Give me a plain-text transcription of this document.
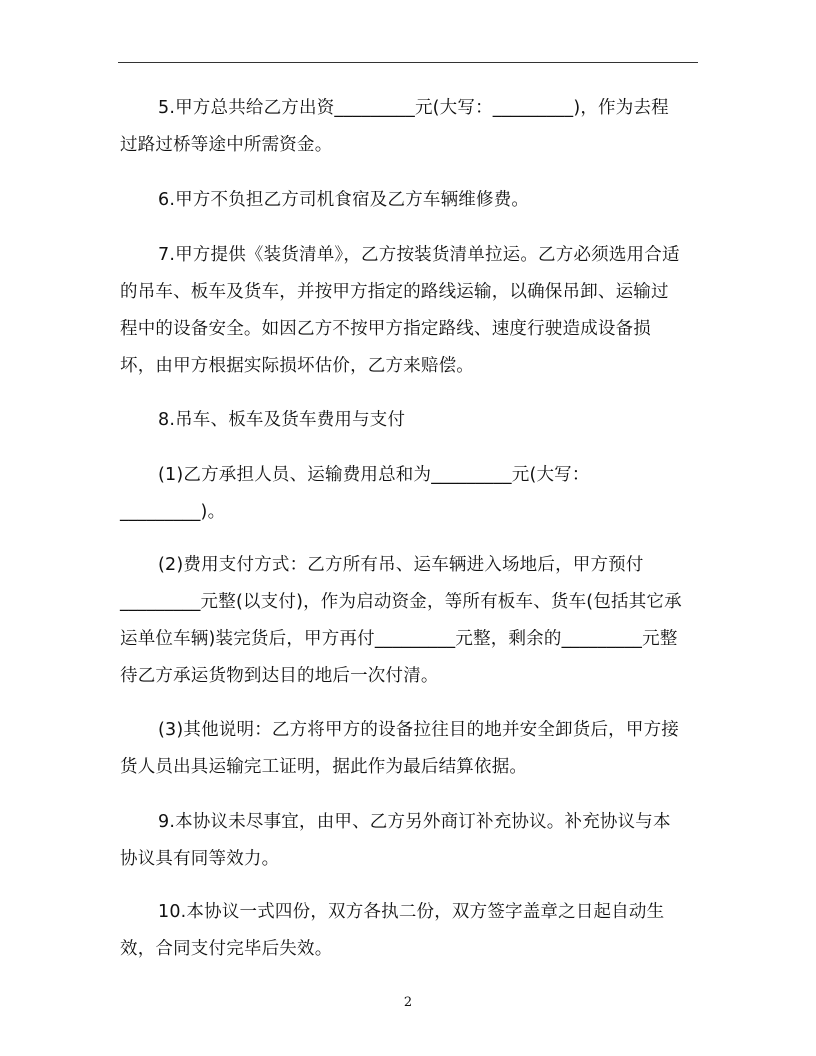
5.甲方总共给乙方出资_________元(大写：_________)，作为去程过路过桥等途中所需资金。

6.甲方不负担乙方司机食宿及乙方车辆维修费。

7.甲方提供《装货清单》，乙方按装货清单拉运。乙方必须选用合适的吊车、板车及货车，并按甲方指定的路线运输，以确保吊卸、运输过程中的设备安全。如因乙方不按甲方指定路线、速度行驶造成设备损坏，由甲方根据实际损坏估价，乙方来赔偿。

8.吊车、板车及货车费用与支付

(1)乙方承担人员、运输费用总和为_________元(大写：_________)。

(2)费用支付方式：乙方所有吊、运车辆进入场地后，甲方预付_________元整(以支付)，作为启动资金，等所有板车、货车(包括其它承运单位车辆)装完货后，甲方再付_________元整，剩余的_________元整待乙方承运货物到达目的地后一次付清。

(3)其他说明：乙方将甲方的设备拉往目的地并安全卸货后，甲方接货人员出具运输完工证明，据此作为最后结算依据。

9.本协议未尽事宜，由甲、乙方另外商订补充协议。补充协议与本协议具有同等效力。

10.本协议一式四份，双方各执二份，双方签字盖章之日起自动生效，合同支付完毕后失效。

2
